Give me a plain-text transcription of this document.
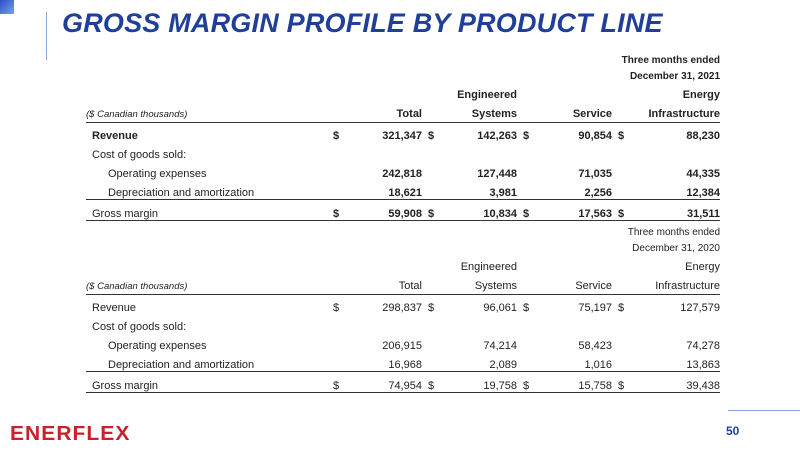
GROSS MARGIN PROFILE BY PRODUCT LINE
							Three months ended	
							December 31, 2021	
			Engineered				Energy	
($ Canadian thousands)	Total		Systems		Service		Infrastructure	
Revenue	$	321,347	$	142,263	$	90,854	$	88,230
Cost of goods sold:								
Operating expenses		242,818		127,448		71,035		44,335
Depreciation and amortization		18,621		3,981		2,256		12,384
Gross margin	$	59,908	$	10,834	$	17,563	$	31,511
							Three months ended	
							December 31, 2020	
			Engineered				Energy	
($ Canadian thousands)	Total		Systems		Service		Infrastructure	
Revenue	$	298,837	$	96,061	$	75,197	$	127,579
Cost of goods sold:								
Operating expenses		206,915		74,214		58,423		74,278
Depreciation and amortization		16,968		2,089		1,016		13,863
Gross margin	$	74,954	$	19,758	$	15,758	$	39,438
50
ENERFLEX
